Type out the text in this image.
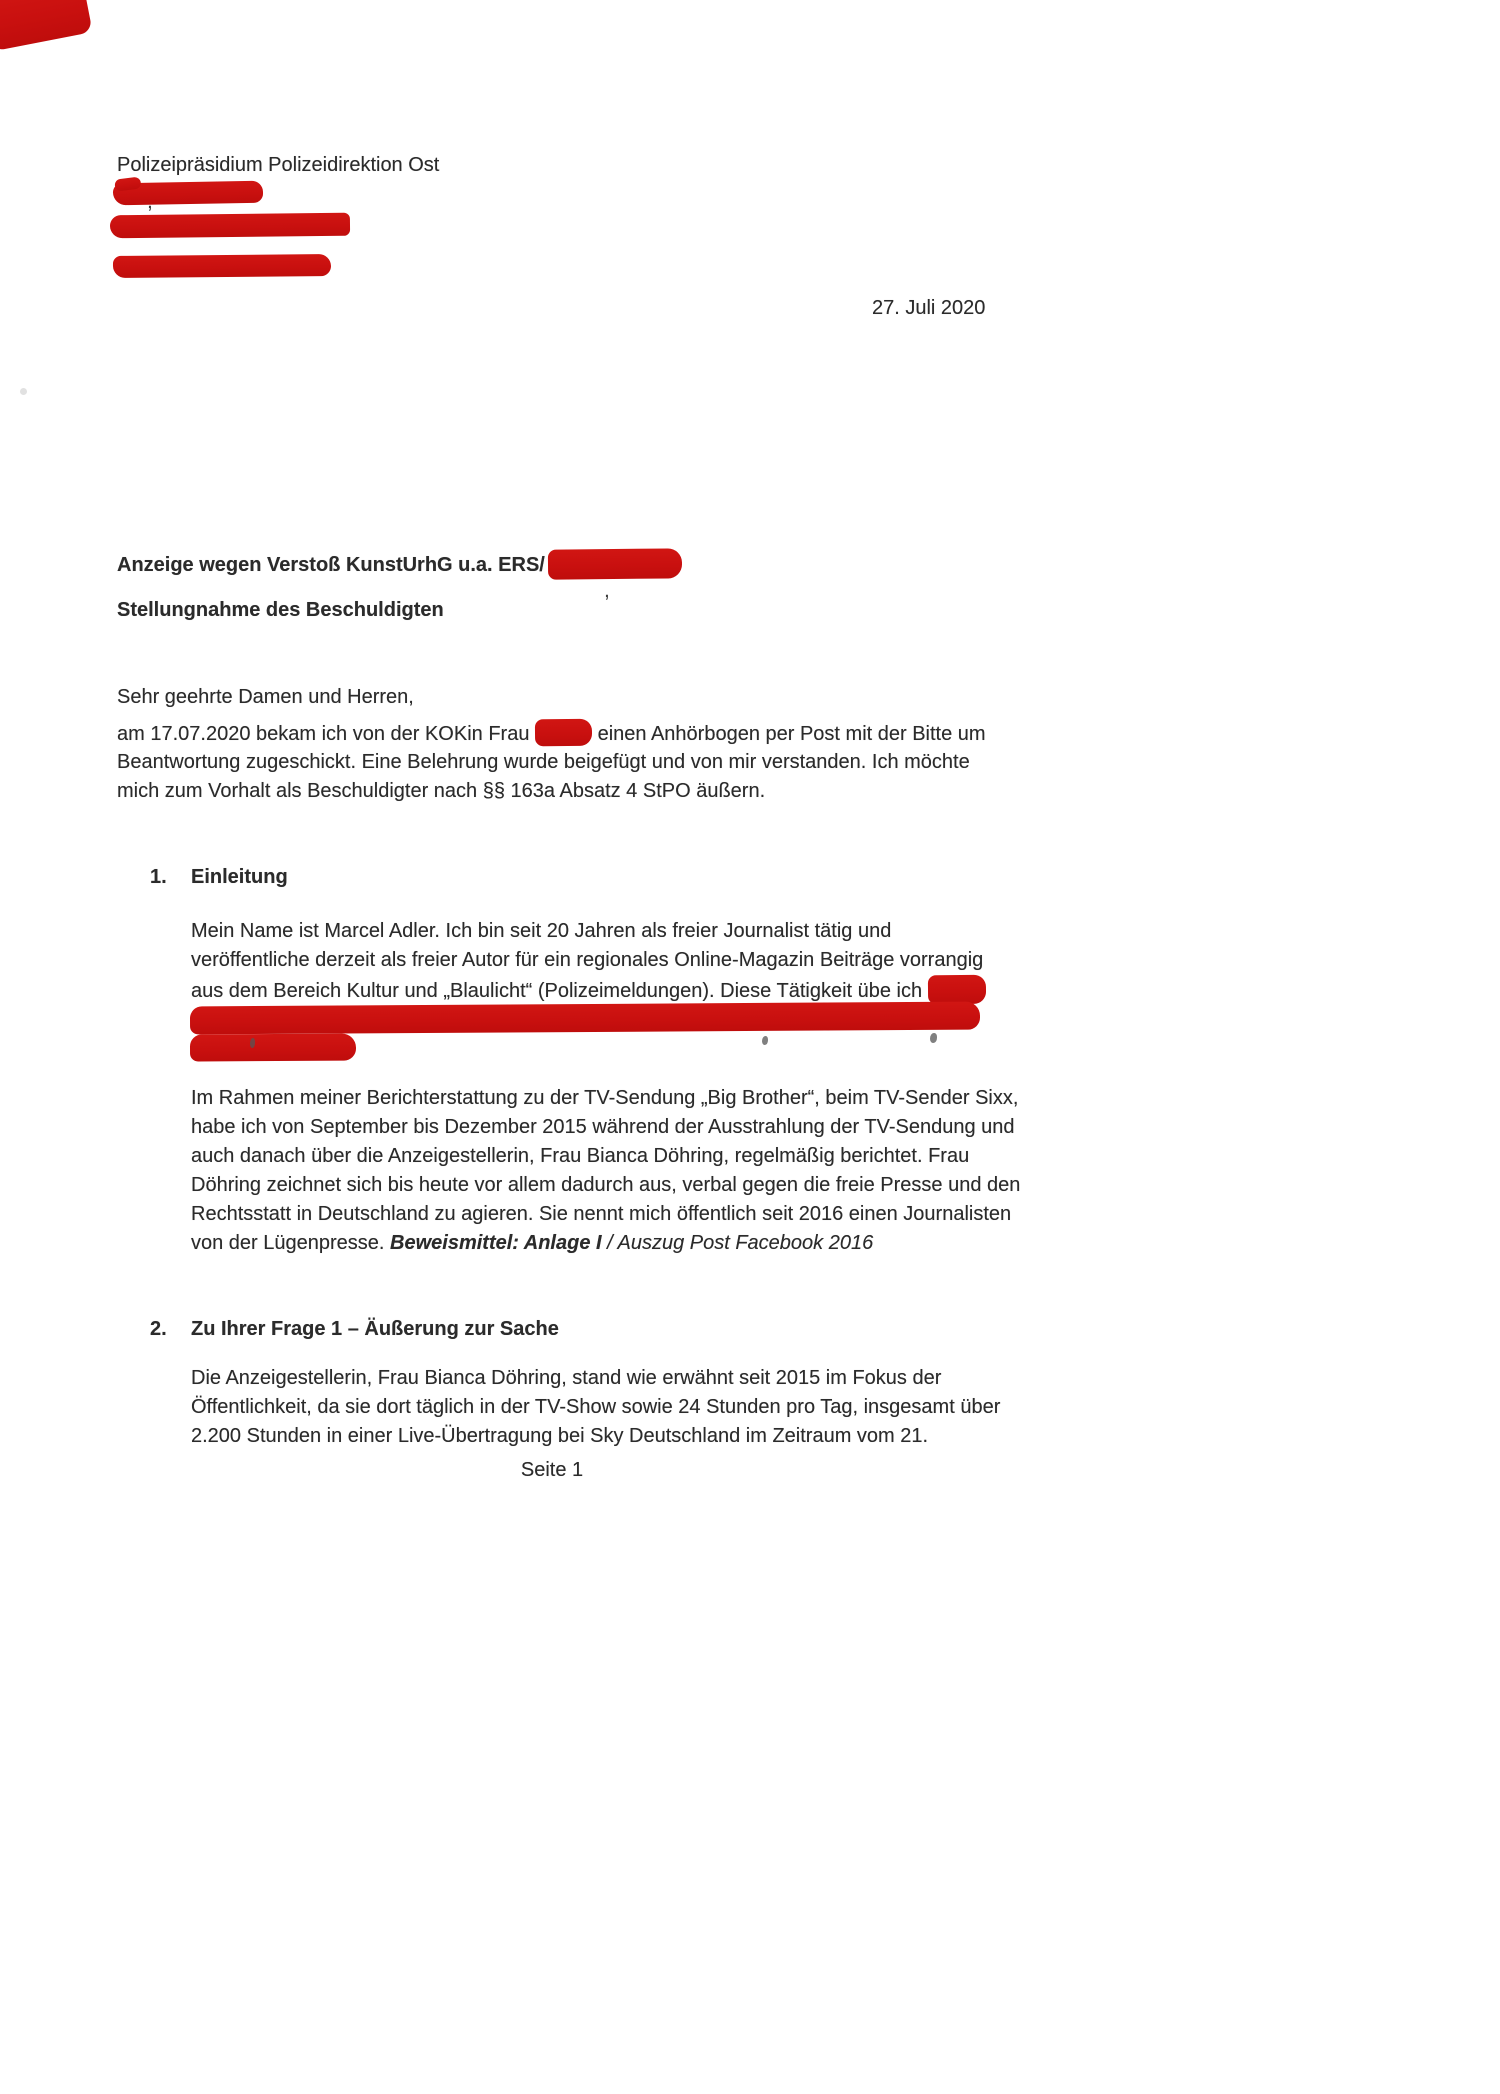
Polizeipräsidium Polizeidirektion Ost
,
27. Juli 2020
Anzeige wegen Verstoß KunstUrhG u.a. ERS/
,
Stellungnahme des Beschuldigten
Sehr geehrte Damen und Herren,
am 17.07.2020 bekam ich von der KOKin Frau	einen Anhörbogen per Post mit der Bitte um
Beantwortung zugeschickt. Eine Belehrung wurde beigefügt und von mir verstanden. Ich möchte
mich zum Vorhalt als Beschuldigter nach §§ 163a Absatz 4 StPO äußern.
1. Einleitung
Mein Name ist Marcel Adler. Ich bin seit 20 Jahren als freier Journalist tätig und
veröffentliche derzeit als freier Autor für ein regionales Online-Magazin Beiträge vorrangig
aus dem Bereich Kultur und „Blaulicht“ (Polizeimeldungen). Diese Tätigkeit übe ich
Im Rahmen meiner Berichterstattung zu der TV-Sendung „Big Brother“, beim TV-Sender Sixx,
habe ich von September bis Dezember 2015 während der Ausstrahlung der TV-Sendung und
auch danach über die Anzeigestellerin, Frau Bianca Döhring, regelmäßig berichtet. Frau
Döhring zeichnet sich bis heute vor allem dadurch aus, verbal gegen die freie Presse und den
Rechtsstatt in Deutschland zu agieren. Sie nennt mich öffentlich seit 2016 einen Journalisten
von der Lügenpresse. Beweismittel: Anlage I / Auszug Post Facebook 2016
2. Zu Ihrer Frage 1 – Äußerung zur Sache
Die Anzeigestellerin, Frau Bianca Döhring, stand wie erwähnt seit 2015 im Fokus der
Öffentlichkeit, da sie dort täglich in der TV-Show sowie 24 Stunden pro Tag, insgesamt über
2.200 Stunden in einer Live-Übertragung bei Sky Deutschland im Zeitraum vom 21.
Seite 1
